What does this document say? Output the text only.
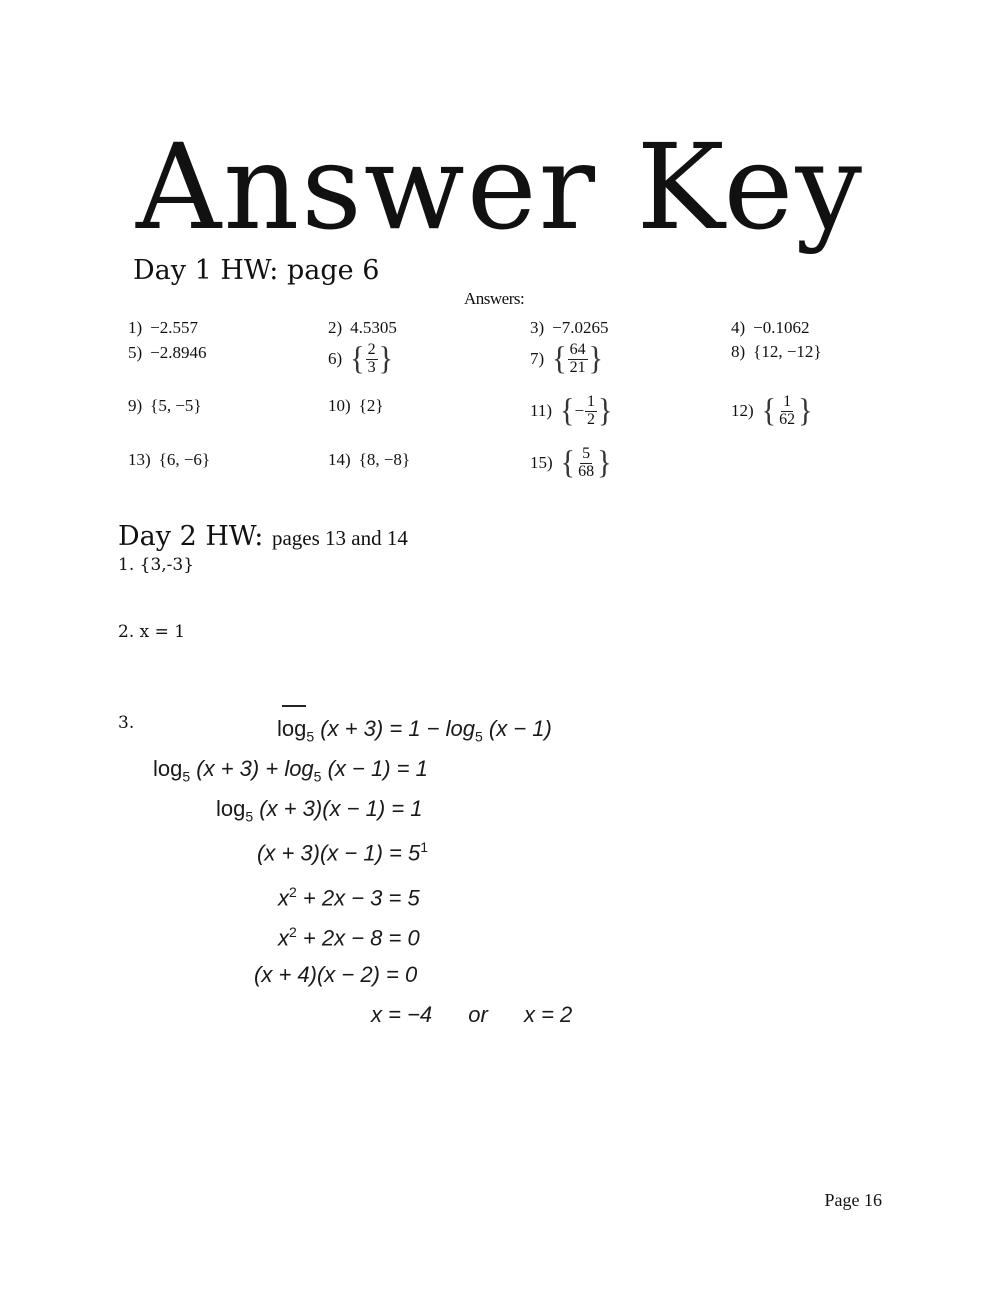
Answer Key
Day 1 HW: page 6
Answers:
1) −2.557	2) 4.5305	3) −7.0265	4) −0.1062
5) −2.8946	6) { $\frac{2}{3}$ }	7) { $\frac{64}{21}$ }	8) { 12, −12 }
9) { 5, −5 }	10) { 2 }	11) { − $\frac{1}{2}$ }	12) { $\frac{1}{62}$ }
13) { 6, −6 }	14) { 8, −8 }	15) { $\frac{5}{68}$ }
Day 2 HW: pages 13 and 14
1. {3,-3}
2. x = 1
3.	$\log_5 (x + 3) = 1 - \log_5 (x - 1)$
$\log_5 (x + 3) + \log_5 (x - 1) = 1$
$\log_5 (x + 3)(x - 1) = 1$
$(x + 3)(x - 1) = 5^1$
$x^2 + 2x - 3 = 5$
$x^2 + 2x - 8 = 0$
(x + 4)(x − 2) = 0
x = −4 or x = 2
Page 16
